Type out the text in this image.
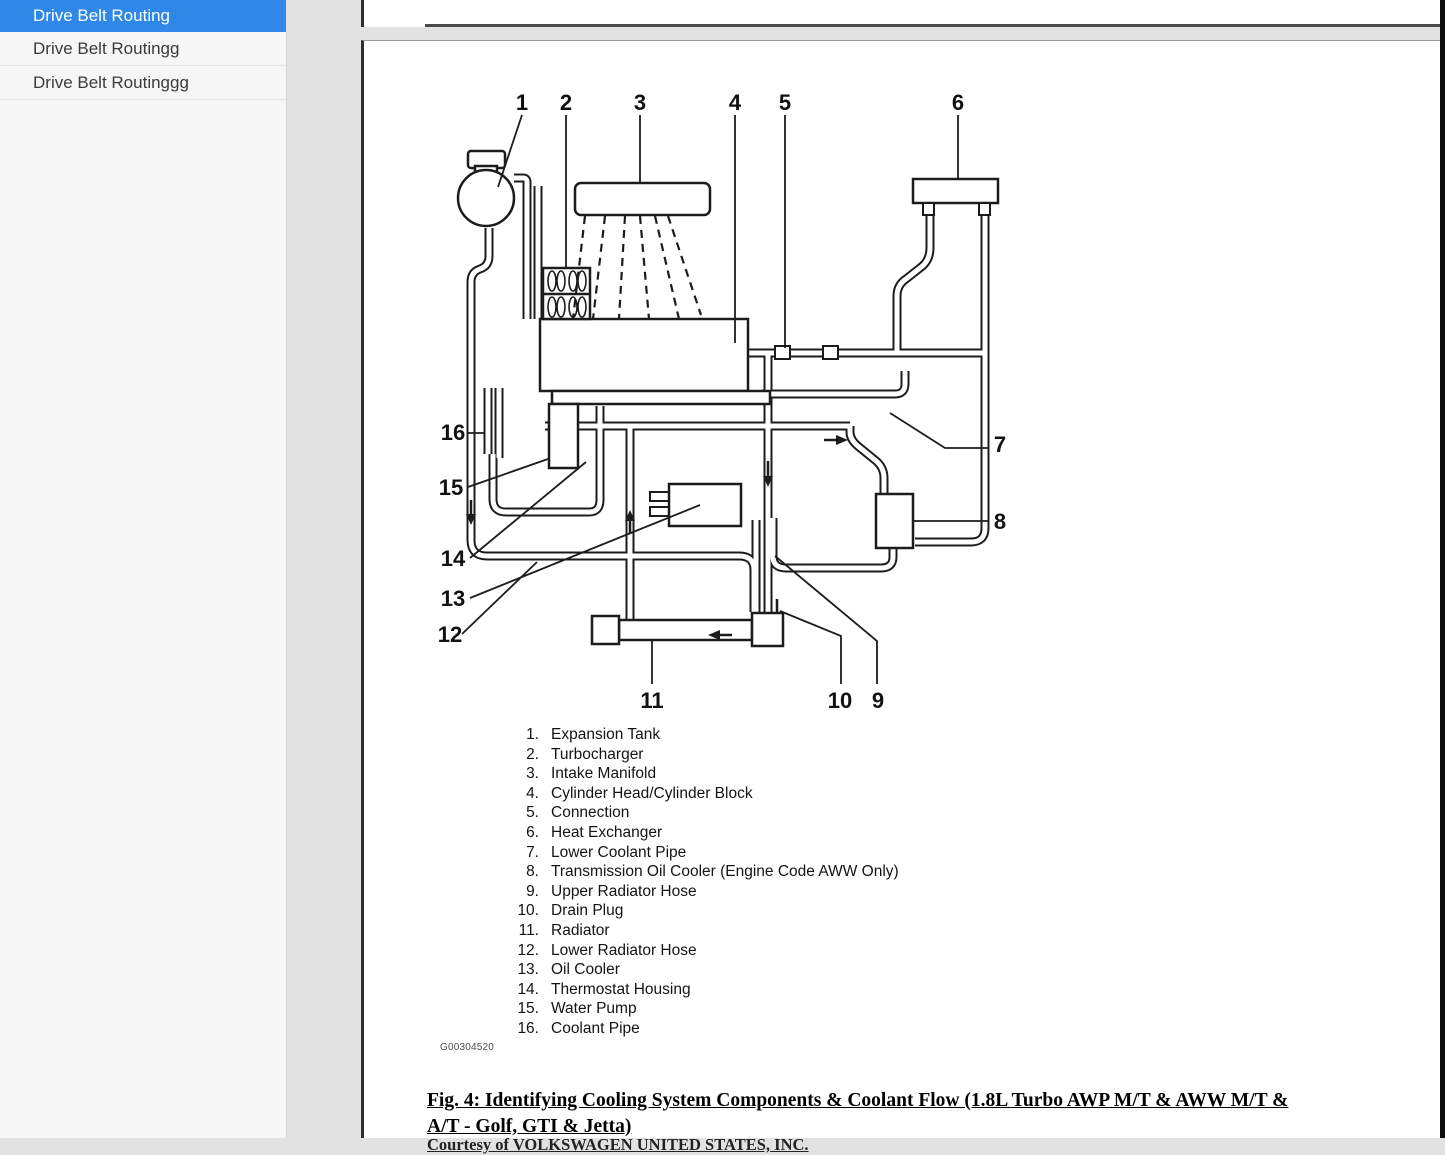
Drive Belt Routing
Drive Belt Routingg
Drive Belt Routinggg
1 2	3	4 5	6
7
8
9
10
11
12
13
14
15
16
1. Expansion Tank
2. Turbocharger
3. Intake Manifold
4. Cylinder Head/Cylinder Block
5. Connection
6. Heat Exchanger
7. Lower Coolant Pipe
8. Transmission Oil Cooler (Engine Code AWW Only)
9. Upper Radiator Hose
10. Drain Plug
11. Radiator
12. Lower Radiator Hose
13. Oil Cooler
14. Thermostat Housing
15. Water Pump
16. Coolant Pipe
G00304520
Fig. 4: Identifying Cooling System Components & Coolant Flow (1.8L Turbo AWP M/T & AWW M/T &
A/T - Golf, GTI & Jetta)
Courtesy of VOLKSWAGEN UNITED STATES, INC.
